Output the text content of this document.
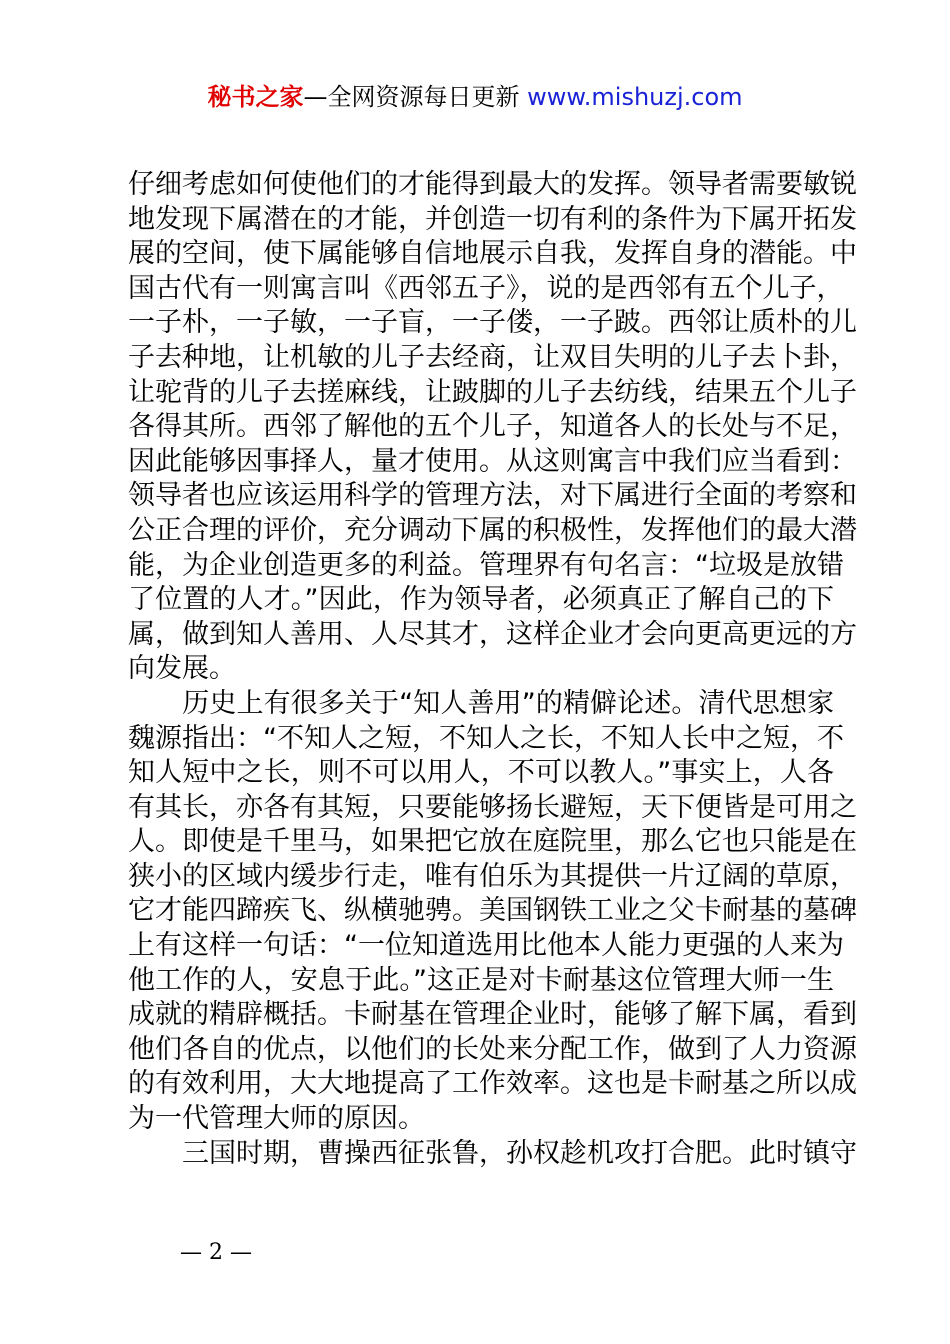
秘书之家—全网资源每日更新 www.mishuzj.com
仔细考虑如何使他们的才能得到最大的发挥。领导者需要敏锐
地发现下属潜在的才能，并创造一切有利的条件为下属开拓发
展的空间，使下属能够自信地展示自我，发挥自身的潜能。中
国古代有一则寓言叫《西邻五子》，说的是西邻有五个儿子，
一子朴，一子敏，一子盲，一子偻，一子跛。西邻让质朴的儿
子去种地，让机敏的儿子去经商，让双目失明的儿子去卜卦，
让驼背的儿子去搓麻线，让跛脚的儿子去纺线，结果五个儿子
各得其所。西邻了解他的五个儿子，知道各人的长处与不足，
因此能够因事择人，量才使用。从这则寓言中我们应当看到：
领导者也应该运用科学的管理方法，对下属进行全面的考察和
公正合理的评价，充分调动下属的积极性，发挥他们的最大潜
能，为企业创造更多的利益。管理界有句名言：“垃圾是放错
了位置的人才。”因此，作为领导者，必须真正了解自己的下
属，做到知人善用、人尽其才，这样企业才会向更高更远的方
向发展。
　　历史上有很多关于“知人善用”的精僻论述。清代思想家
魏源指出：“不知人之短，不知人之长，不知人长中之短，不
知人短中之长，则不可以用人，不可以教人。”事实上，人各
有其长，亦各有其短，只要能够扬长避短，天下便皆是可用之
人。即使是千里马，如果把它放在庭院里，那么它也只能是在
狭小的区域内缓步行走，唯有伯乐为其提供一片辽阔的草原，
它才能四蹄疾飞、纵横驰骋。美国钢铁工业之父卡耐基的墓碑
上有这样一句话：“一位知道选用比他本人能力更强的人来为
他工作的人，安息于此。”这正是对卡耐基这位管理大师一生
成就的精辟概括。卡耐基在管理企业时，能够了解下属，看到
他们各自的优点，以他们的长处来分配工作，做到了人力资源
的有效利用，大大地提高了工作效率。这也是卡耐基之所以成
为一代管理大师的原因。
　　三国时期，曹操西征张鲁，孙权趁机攻打合肥。此时镇守
— 2 —
